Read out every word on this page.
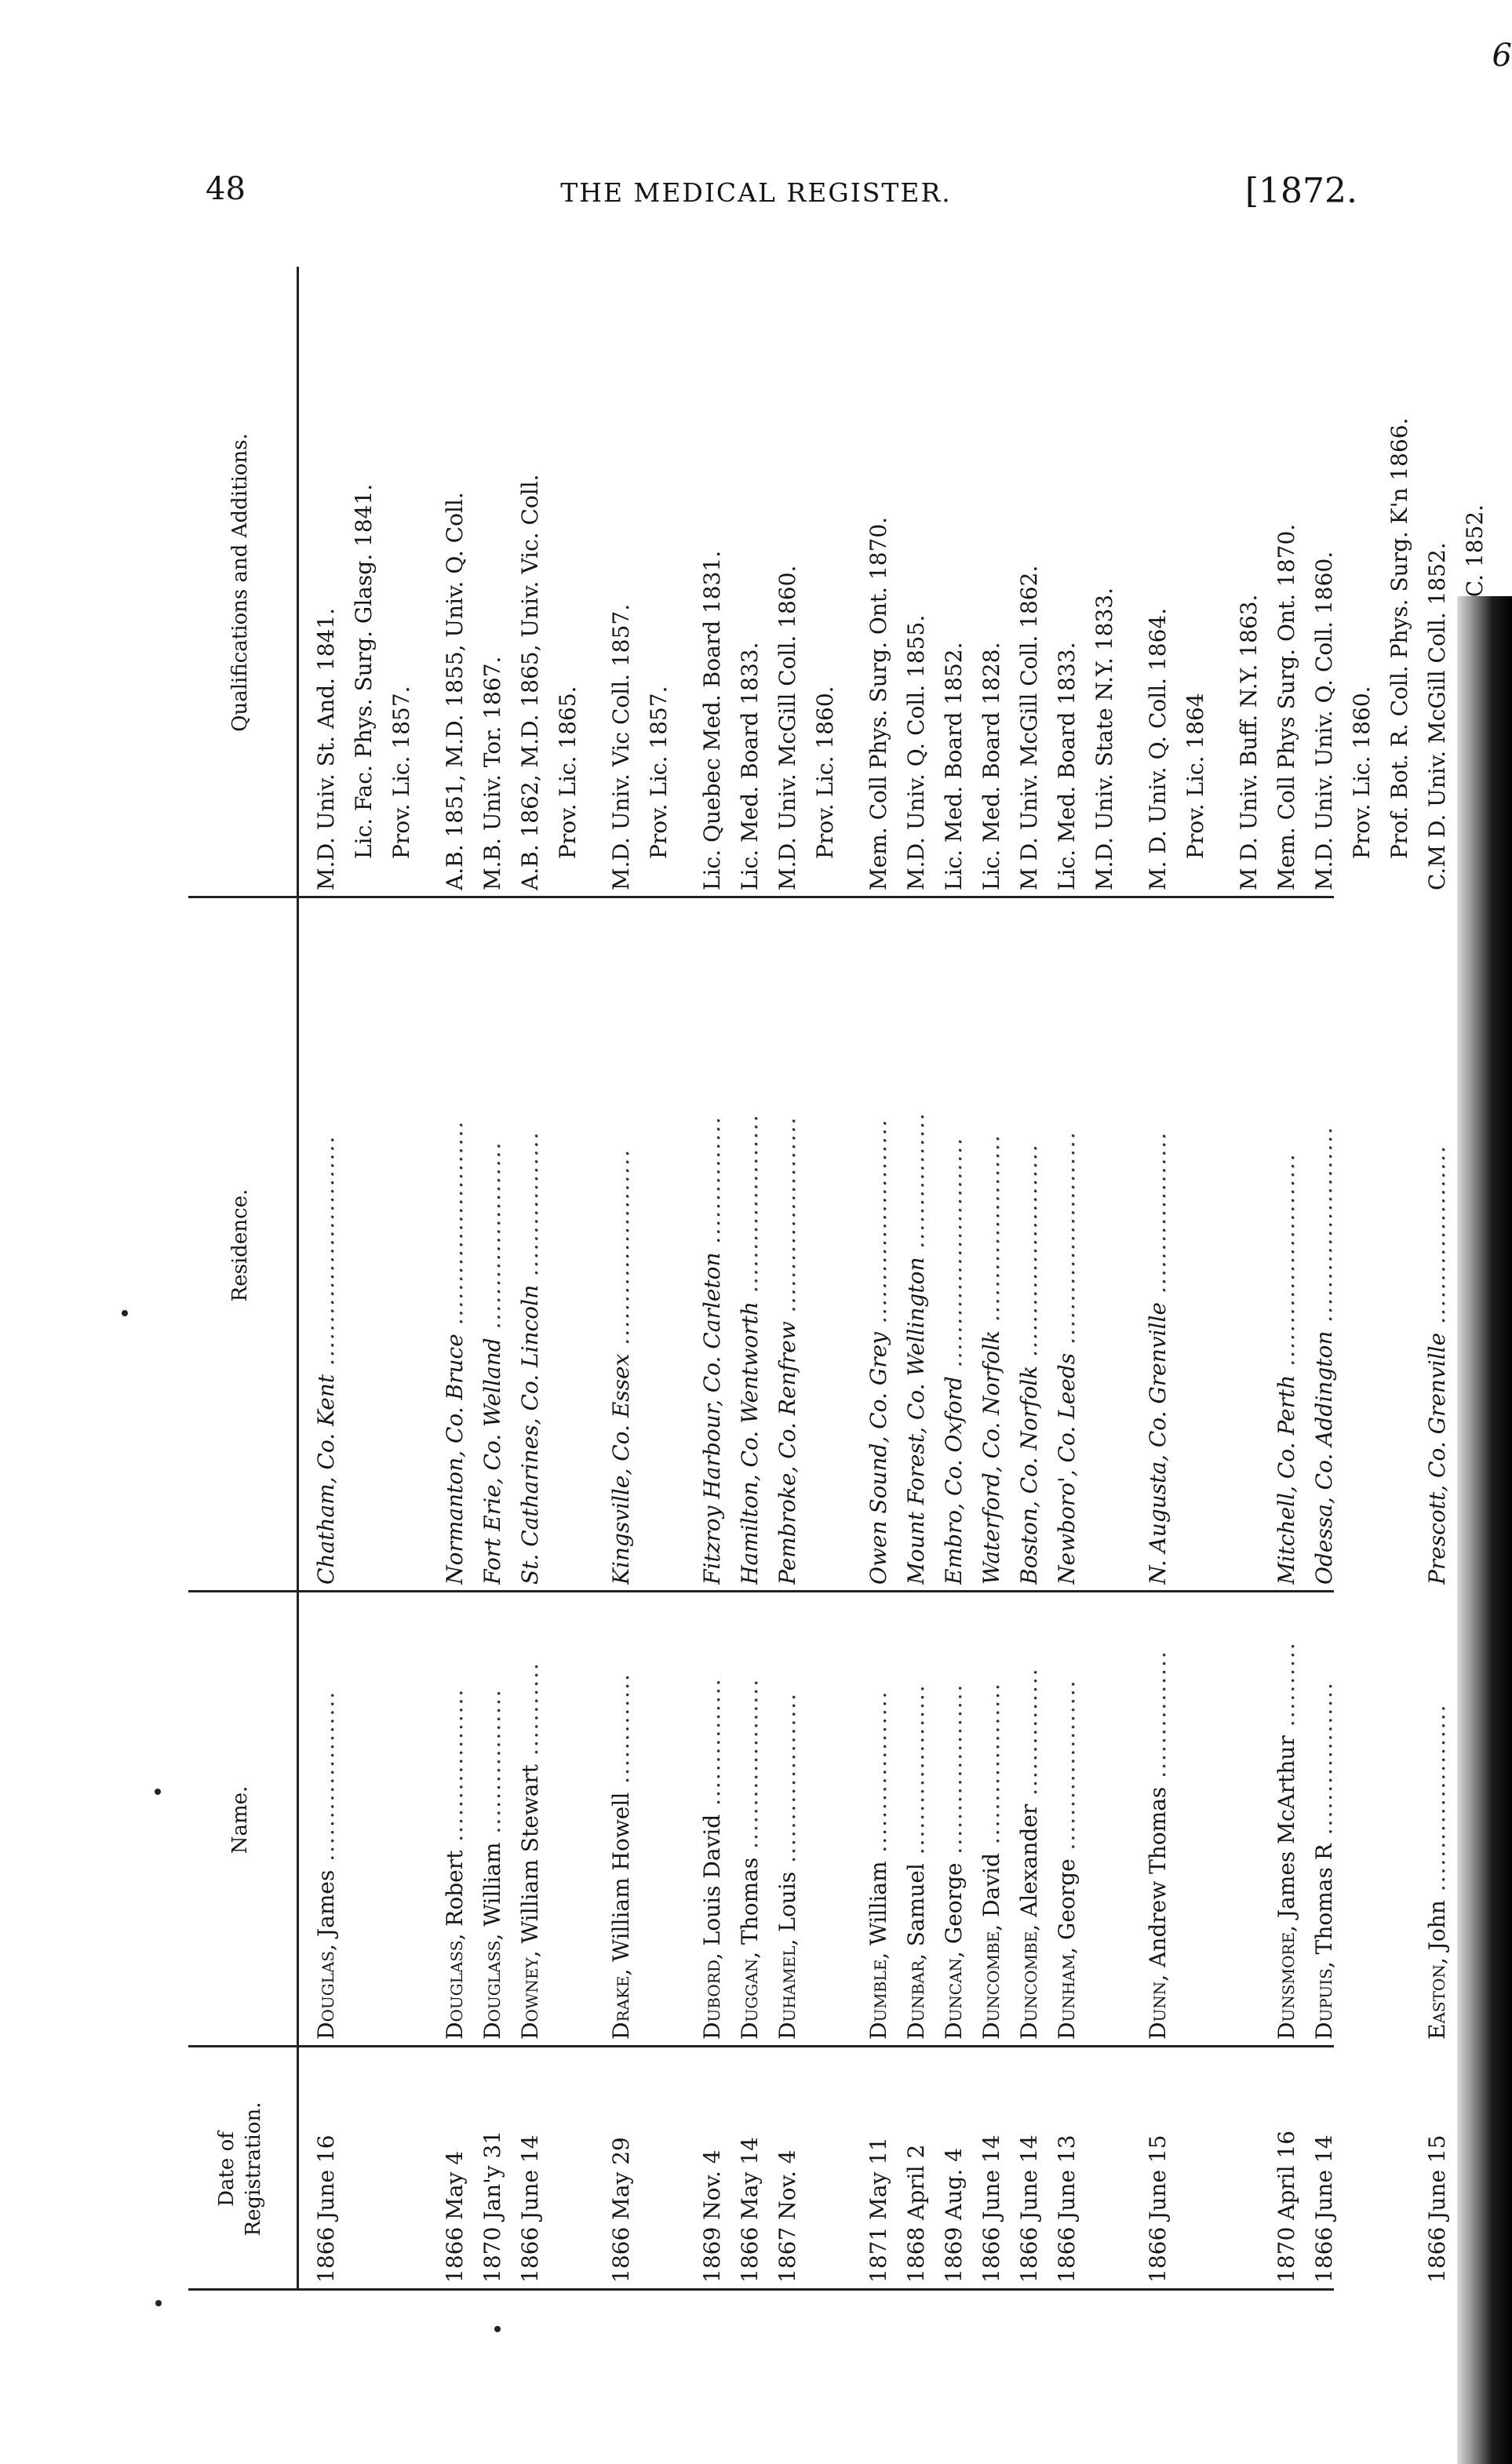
48	THE MEDICAL REGISTER.	[1872.
6
Date of Registration.
Name.
Residence.
Qualifications and Additions.
1866 June 16
Douglas, James ....................
Chatham, Co. Kent ...........................
M.D. Univ. St. And. 1841. Lic. Fac. Phys. Surg. Glasg. 1841. Prov. Lic. 1857.
1866 May 4
Douglass, Robert ..................
Normanton, Co. Bruce ........................
A.B. 1851, M.D. 1855, Univ. Q. Coll.
1870 Jan'y 31
Douglass, William .................
Fort Erie, Co. Welland ......................
M.B. Univ. Tor. 1867.
1866 June 14
Downey, William Stewart ...........
St. Catharines, Co. Lincoln .................
A.B. 1862, M.D. 1865, Univ. Vic. Coll. Prov. Lic. 1865.
1866 May 29
Drake, William Howell .............
Kingsville, Co. Essex .......................
M.D. Univ. Vic Coll. 1857. Prov. Lic. 1857.
1869 Nov. 4
Dubord, Louis David ...............
Fitzroy Harbour, Co. Carleton ...............
Lic. Quebec Med. Board 1831.
1866 May 14
Duggan, Thomas ....................
Hamilton, Co. Wentworth .....................
Lic. Med. Board 1833.
1867 Nov. 4
Duhamel, Louis ....................
Pembroke, Co. Renfrew .......................
M.D. Univ. McGill Coll. 1860. Prov. Lic. 1860.
1871 May 11
Dumble, William ...................
Owen Sound, Co. Grey ........................
Mem. Coll Phys. Surg. Ont. 1870.
1868 April 2
Dunbar, Samuel ....................
Mount Forest, Co. Wellington ................
M.D. Univ. Q. Coll. 1855.
1869 Aug. 4
Duncan, George ....................
Embro, Co. Oxford ...........................
Lic. Med. Board 1852.
1866 June 14
Duncombe, David ...................
Waterford, Co. Norfolk ......................
Lic. Med. Board 1828.
1866 June 14
Duncombe, Alexander ...............
Boston, Co. Norfolk .........................
M D. Univ. McGill Coll. 1862.
1866 June 13
Dunham, George ....................
Newboro', Co. Leeds .........................
Lic. Med. Board 1833. M.D. Univ. State N.Y. 1833.
1866 June 15
Dunn, Andrew Thomas ...............
N. Augusta, Co. Grenville ...................
M. D. Univ. Q. Coll. 1864. Prov. Lic. 1864 M D. Univ. Buff. N.Y. 1863.
1870 April 16
Dunsmore, James McArthur ..........
Mitchell, Co. Perth .........................
Mem. Coll Phys Surg. Ont. 1870.
1866 June 14
Dupuis, Thomas R ..................
Odessa, Co. Addington .......................
M.D. Univ. Univ. Q. Coll. 1860. Prov. Lic. 1860. Prof. Bot. R. Coll. Phys. Surg. K'n 1866.
1866 June 15
Easton, John ......................
Prescott, Co. Grenville .....................
C.M D. Univ. McGill Coll. 1852.
